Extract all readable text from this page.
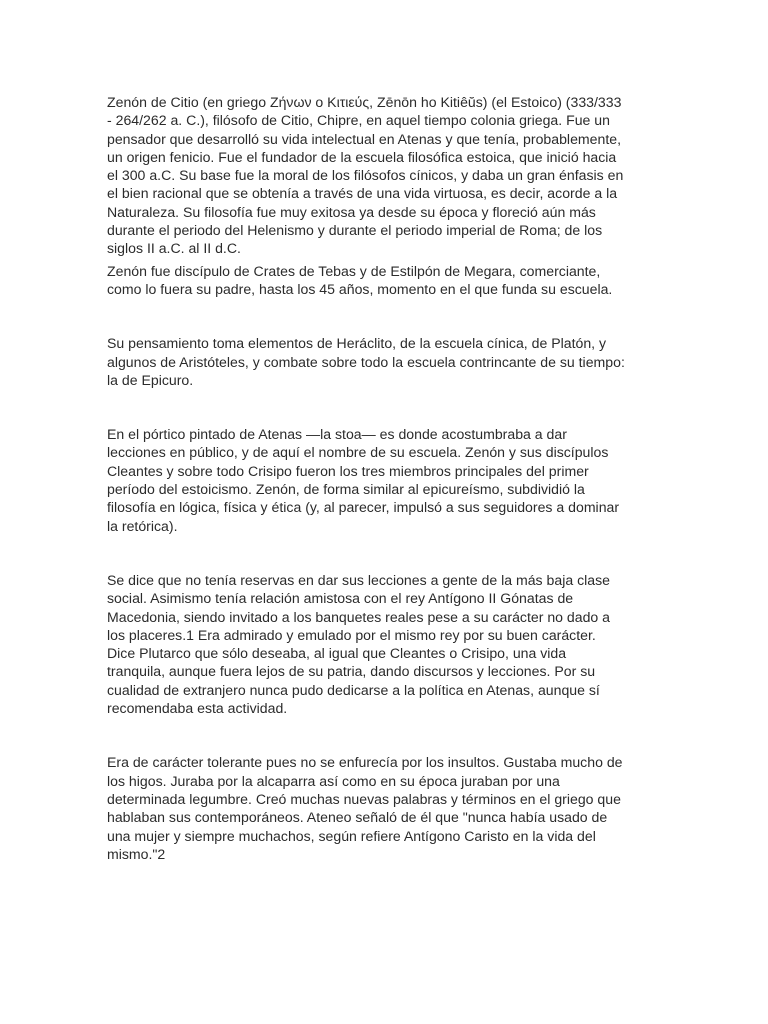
Zenón de Citio (en griego Ζήνων ο Κιτιεύς, Zēnōn ho Kitiêŭs) (el Estoico) (333/333
- 264/262 a. C.), filósofo de Citio, Chipre, en aquel tiempo colonia griega. Fue un
pensador que desarrolló su vida intelectual en Atenas y que tenía, probablemente,
un origen fenicio. Fue el fundador de la escuela filosófica estoica, que inició hacia
el 300 a.C. Su base fue la moral de los filósofos cínicos, y daba un gran énfasis en
el bien racional que se obtenía a través de una vida virtuosa, es decir, acorde a la
Naturaleza. Su filosofía fue muy exitosa ya desde su época y floreció aún más
durante el periodo del Helenismo y durante el periodo imperial de Roma; de los
siglos II a.C. al II d.C.

Zenón fue discípulo de Crates de Tebas y de Estilpón de Megara, comerciante,
como lo fuera su padre, hasta los 45 años, momento en el que funda su escuela.

Su pensamiento toma elementos de Heráclito, de la escuela cínica, de Platón, y
algunos de Aristóteles, y combate sobre todo la escuela contrincante de su tiempo:
la de Epicuro.

En el pórtico pintado de Atenas —la stoa— es donde acostumbraba a dar
lecciones en público, y de aquí el nombre de su escuela. Zenón y sus discípulos
Cleantes y sobre todo Crisipo fueron los tres miembros principales del primer
período del estoicismo. Zenón, de forma similar al epicureísmo, subdividió la
filosofía en lógica, física y ética (y, al parecer, impulsó a sus seguidores a dominar
la retórica).

Se dice que no tenía reservas en dar sus lecciones a gente de la más baja clase
social. Asimismo tenía relación amistosa con el rey Antígono II Gónatas de
Macedonia, siendo invitado a los banquetes reales pese a su carácter no dado a
los placeres.1 Era admirado y emulado por el mismo rey por su buen carácter.
Dice Plutarco que sólo deseaba, al igual que Cleantes o Crisipo, una vida
tranquila, aunque fuera lejos de su patria, dando discursos y lecciones. Por su
cualidad de extranjero nunca pudo dedicarse a la política en Atenas, aunque sí
recomendaba esta actividad.

Era de carácter tolerante pues no se enfurecía por los insultos. Gustaba mucho de
los higos. Juraba por la alcaparra así como en su época juraban por una
determinada legumbre. Creó muchas nuevas palabras y términos en el griego que
hablaban sus contemporáneos. Ateneo señaló de él que "nunca había usado de
una mujer y siempre muchachos, según refiere Antígono Caristo en la vida del
mismo."2
